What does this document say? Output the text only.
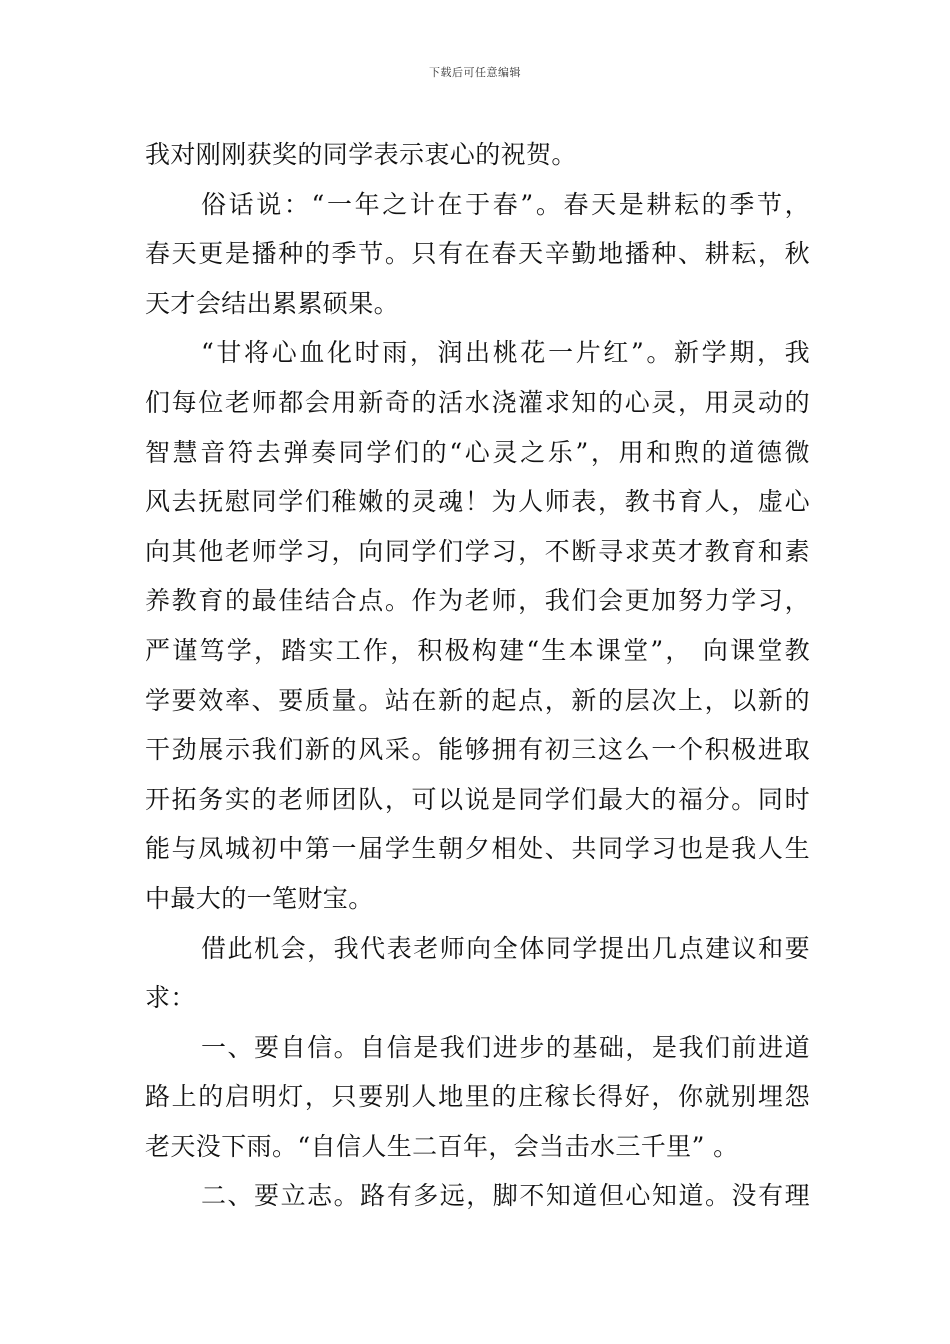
下载后可任意编辑
我对刚刚获奖的同学表示衷心的祝贺。
俗话说：“一年之计在于春”。春天是耕耘的季节，
春天更是播种的季节。只有在春天辛勤地播种、耕耘，秋
天才会结出累累硕果。
“甘将心血化时雨，润出桃花一片红”。新学期，我
们每位老师都会用新奇的活水浇灌求知的心灵，用灵动的
智慧音符去弹奏同学们的“心灵之乐”，用和煦的道德微
风去抚慰同学们稚嫩的灵魂！为人师表，教书育人，虚心
向其他老师学习，向同学们学习，不断寻求英才教育和素
养教育的最佳结合点。作为老师，我们会更加努力学习，
严谨笃学，踏实工作，积极构建“生本课堂”， 向课堂教
学要效率、要质量。站在新的起点，新的层次上，以新的
干劲展示我们新的风采。能够拥有初三这么一个积极进取
开拓务实的老师团队，可以说是同学们最大的福分。同时
能与凤城初中第一届学生朝夕相处、共同学习也是我人生
中最大的一笔财宝。
借此机会，我代表老师向全体同学提出几点建议和要
求：
一、要自信。自信是我们进步的基础，是我们前进道
路上的启明灯，只要别人地里的庄稼长得好，你就别埋怨
老天没下雨。“自信人生二百年，会当击水三千里” 。
二、要立志。路有多远，脚不知道但心知道。没有理
